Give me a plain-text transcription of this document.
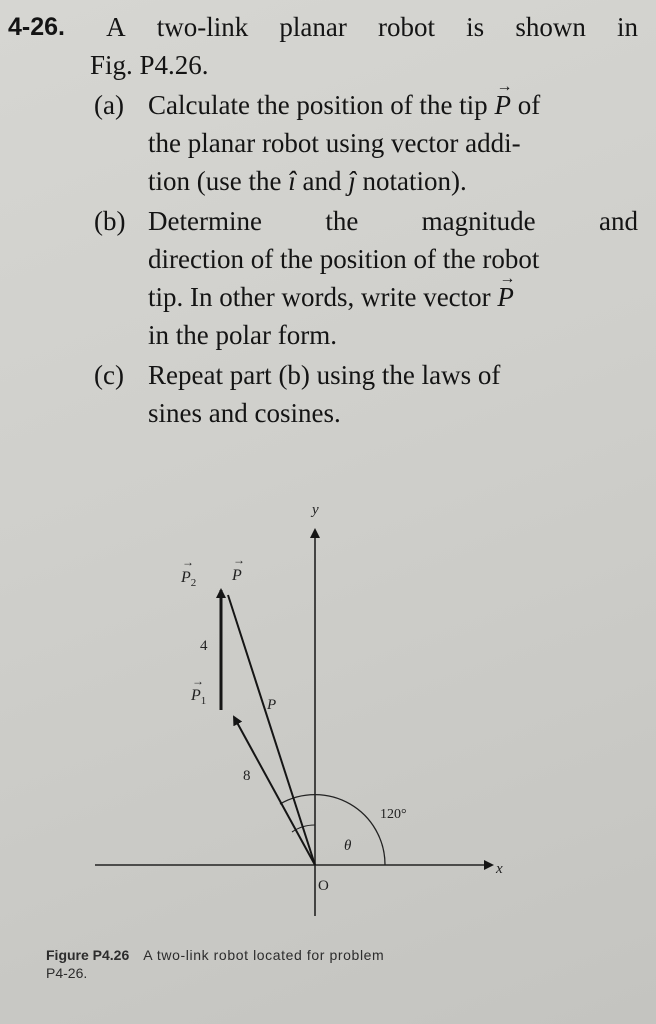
4-26. A two-link planar robot is shown in
Fig. P4.26.
(a) Calculate the position of the tip → P of
the planar robot using vector addi-
tion (use the î and ĵ notation).
(b) Determine the magnitude and
direction of the position of the robot
tip. In other words, write vector → P
in the polar form.
(c) Repeat part (b) using the laws of
sines and cosines.
y
x
O
120°
θ
4
8
P
$P_1$
→
$P_2$
→
P
→
Figure P4.26 A two-link robot located for problem
P4-26.
